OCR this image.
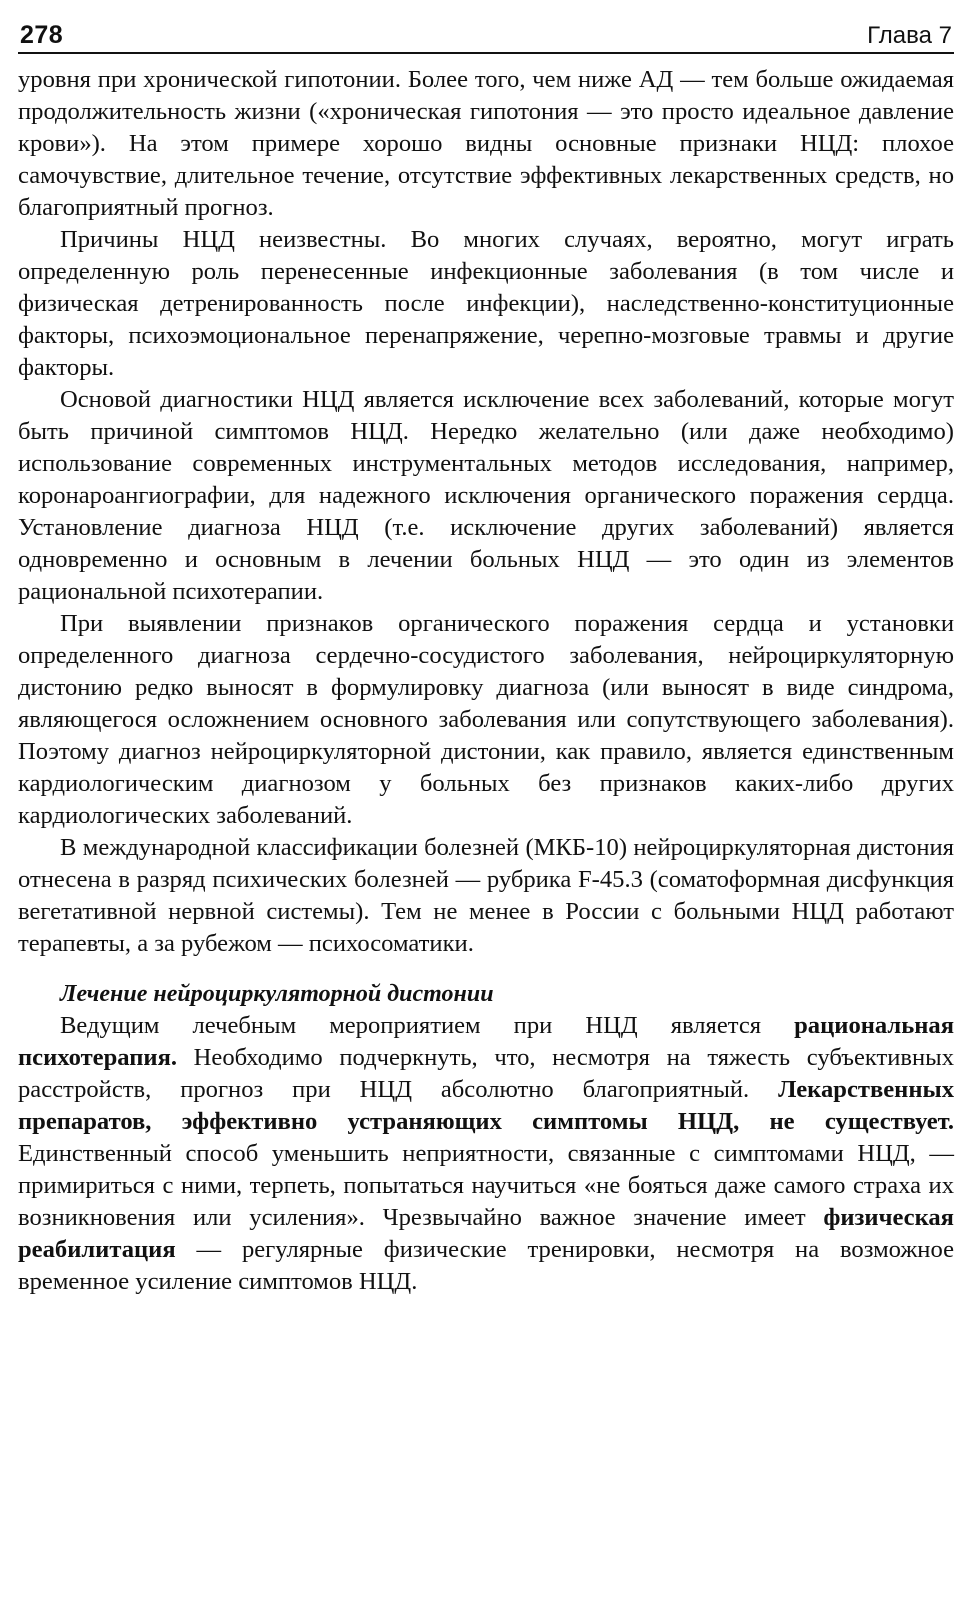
278	Глава 7

уровня при хронической гипотонии. Более того, чем ниже АД — тем больше ожидаемая продолжительность жизни («хроническая гипотония — это просто идеальное давление крови»). На этом примере хорошо видны основные признаки НЦД: плохое самочувствие, длительное течение, отсутствие эффективных лекарственных средств, но благоприятный прогноз.

Причины НЦД неизвестны. Во многих случаях, вероятно, могут играть определенную роль перенесенные инфекционные заболевания (в том числе и физическая детренированность после инфекции), наследственно-конституционные факторы, психоэмоциональное перенапряжение, черепно-мозговые травмы и другие факторы.

Основой диагностики НЦД является исключение всех заболеваний, которые могут быть причиной симптомов НЦД. Нередко желательно (или даже необходимо) использование современных инструментальных методов исследования, например, коронароангиографии, для надежного исключения органического поражения сердца. Установление диагноза НЦД (т.е. исключение других заболеваний) является одновременно и основным в лечении больных НЦД — это один из элементов рациональной психотерапии.

При выявлении признаков органического поражения сердца и установки определенного диагноза сердечно-сосудистого заболевания, нейроциркуляторную дистонию редко выносят в формулировку диагноза (или выносят в виде синдрома, являющегося осложнением основного заболевания или сопутствующего заболевания). Поэтому диагноз нейроциркуляторной дистонии, как правило, является единственным кардиологическим диагнозом у больных без признаков каких-либо других кардиологических заболеваний.

В международной классификации болезней (МКБ-10) нейроциркуляторная дистония отнесена в разряд психических болезней — рубрика F-45.3 (соматоформная дисфункция вегетативной нервной системы). Тем не менее в России с больными НЦД работают терапевты, а за рубежом — психосоматики.

Лечение нейроциркуляторной дистонии

Ведущим лечебным мероприятием при НЦД является рациональная психотерапия. Необходимо подчеркнуть, что, несмотря на тяжесть субъективных расстройств, прогноз при НЦД абсолютно благоприятный. Лекарственных препаратов, эффективно устраняющих симптомы НЦД, не существует. Единственный способ уменьшить неприятности, связанные с симптомами НЦД, — примириться с ними, терпеть, попытаться научиться «не бояться даже самого страха их возникновения или усиления». Чрезвычайно важное значение имеет физическая реабилитация — регулярные физические тренировки, несмотря на возможное временное усиление симптомов НЦД.
